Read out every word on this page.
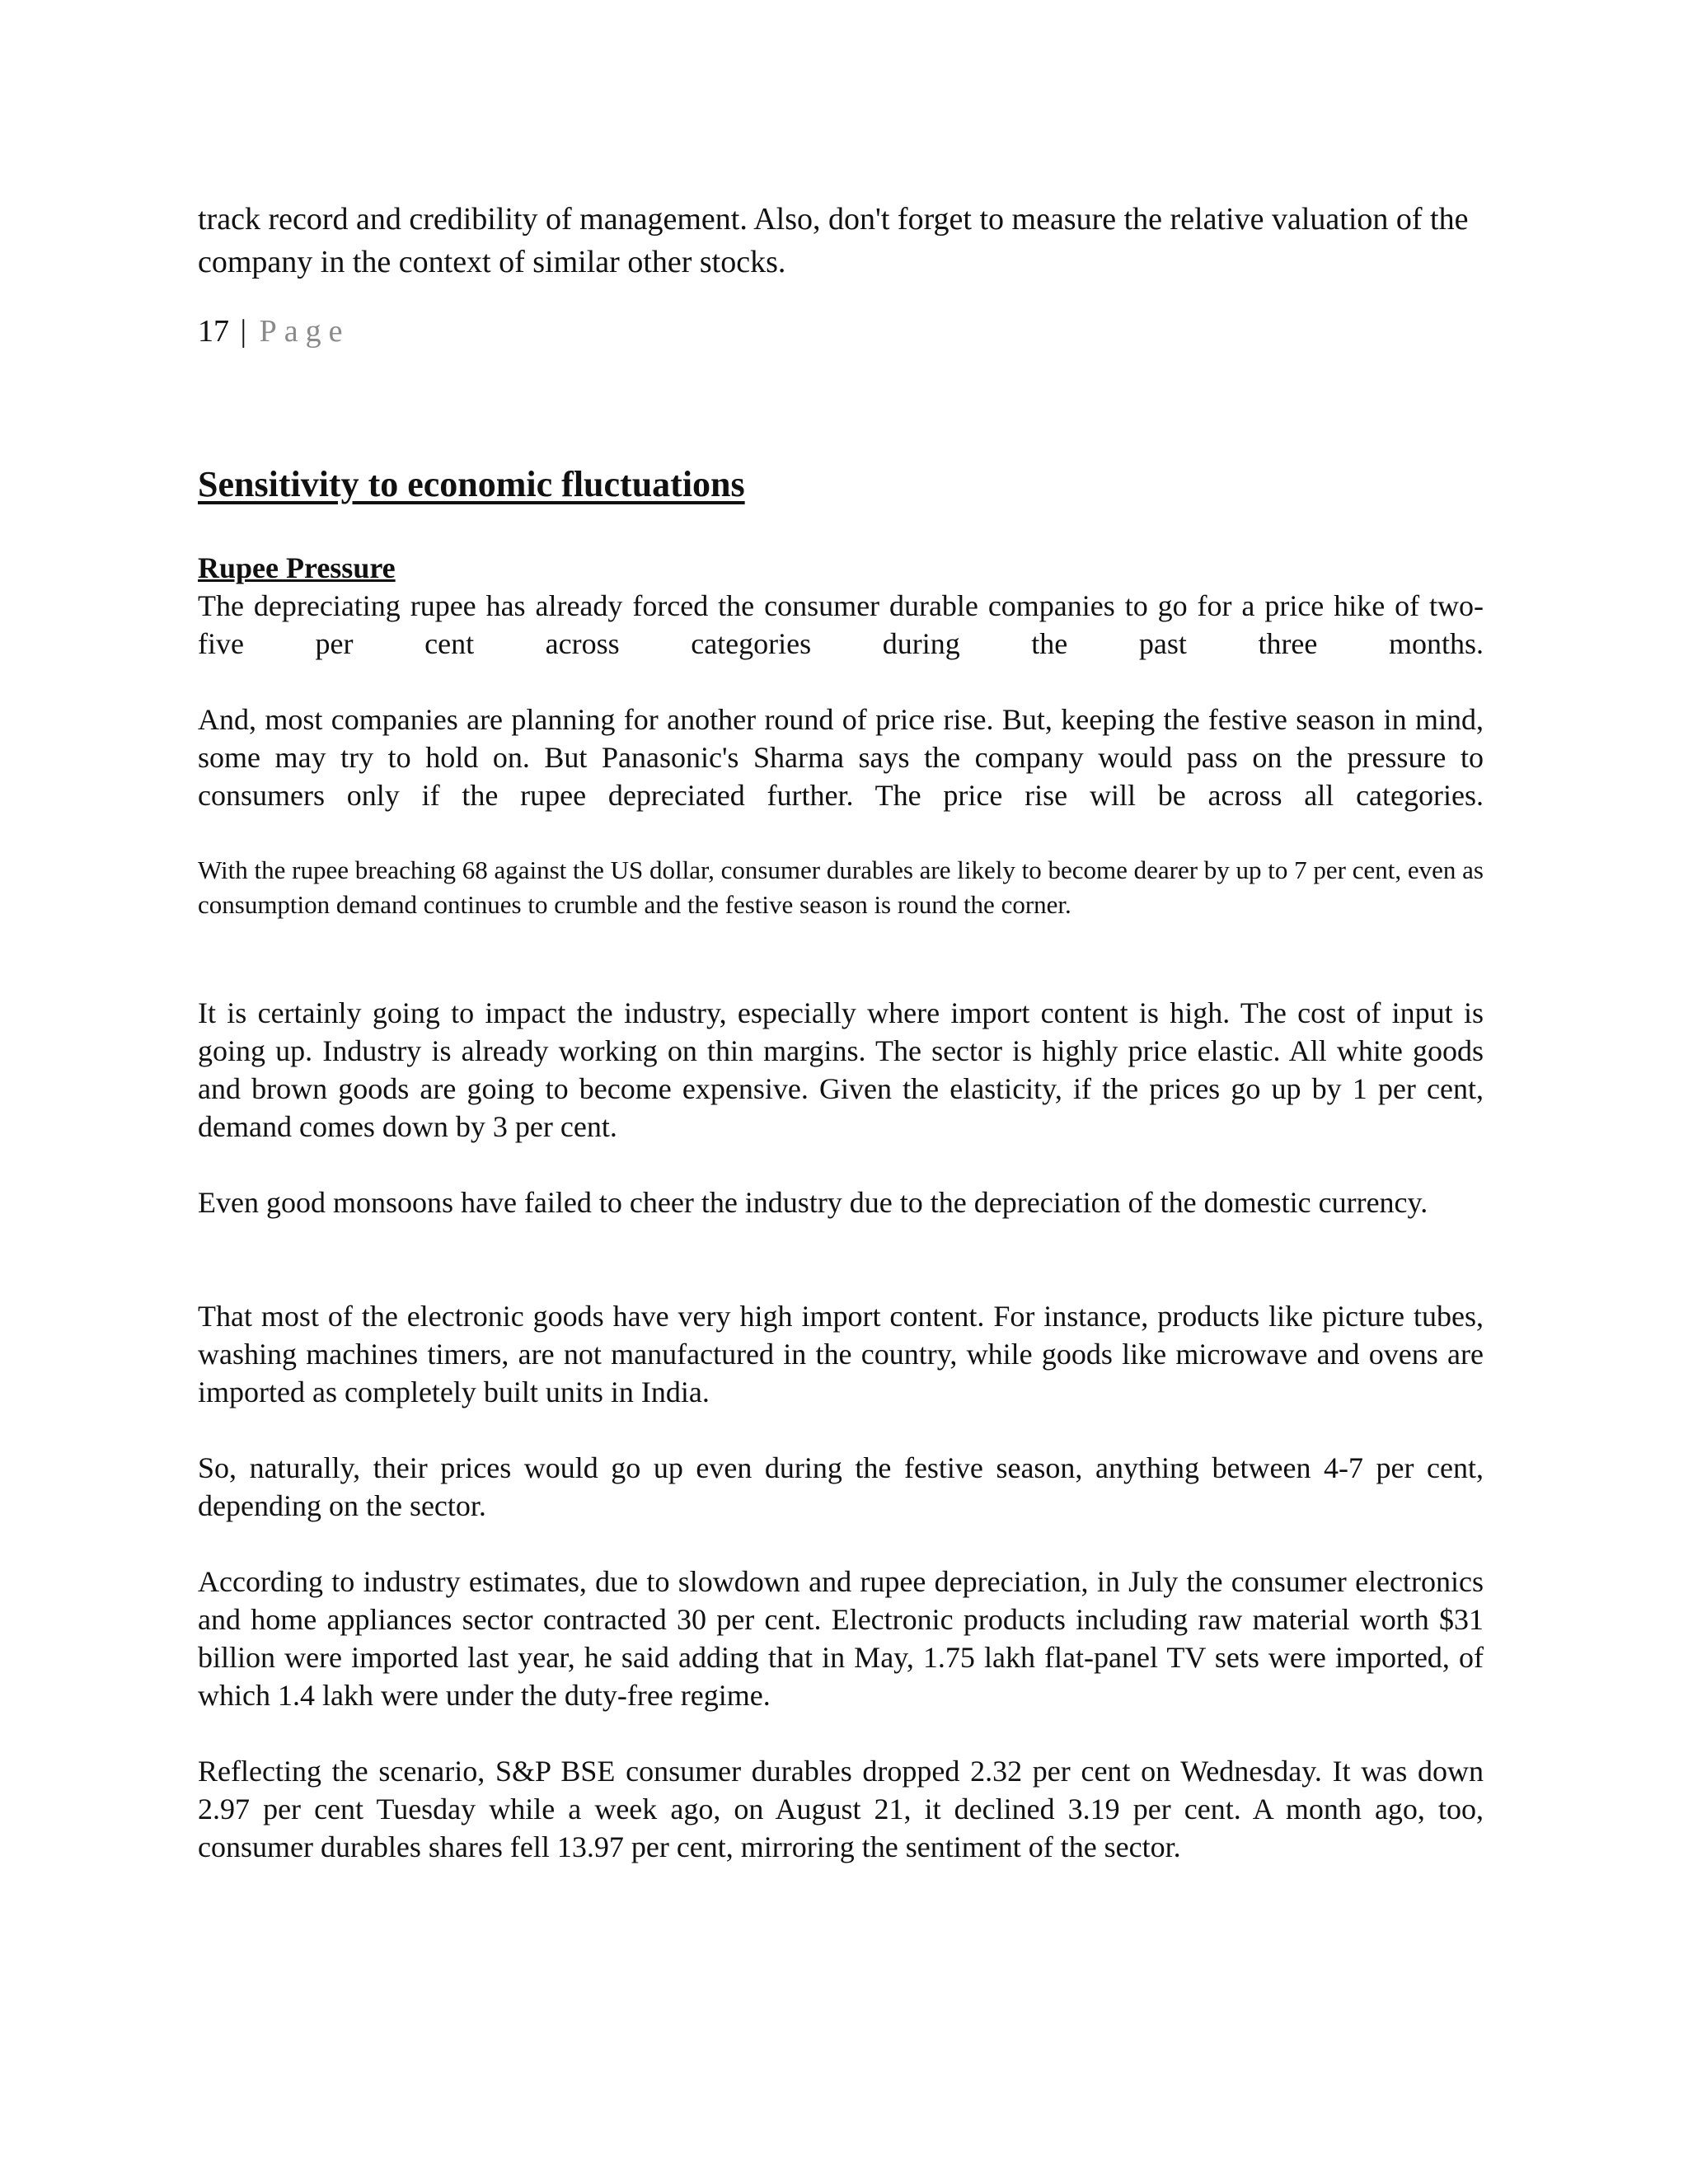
track record and credibility of management. Also, don't forget to measure the relative valuation of the company in the context of similar other stocks.

17 | Page
Sensitivity to economic fluctuations
Rupee Pressure

The depreciating rupee has already forced the consumer durable companies to go for a price hike of two-five per cent across categories during the past three months.

And, most companies are planning for another round of price rise. But, keeping the festive season in mind, some may try to hold on. But Panasonic's Sharma says the company would pass on the pressure to consumers only if the rupee depreciated further. The price rise will be across all categories.

With the rupee breaching 68 against the US dollar, consumer durables are likely to become dearer by up to 7 per cent, even as consumption demand continues to crumble and the festive season is round the corner.

It is certainly going to impact the industry, especially where import content is high. The cost of input is going up. Industry is already working on thin margins. The sector is highly price elastic. All white goods and brown goods are going to become expensive. Given the elasticity, if the prices go up by 1 per cent, demand comes down by 3 per cent.

Even good monsoons have failed to cheer the industry due to the depreciation of the domestic currency.

That most of the electronic goods have very high import content. For instance, products like picture tubes, washing machines timers, are not manufactured in the country, while goods like microwave and ovens are imported as completely built units in India.

So, naturally, their prices would go up even during the festive season, anything between 4-7 per cent, depending on the sector.

According to industry estimates, due to slowdown and rupee depreciation, in July the consumer electronics and home appliances sector contracted 30 per cent. Electronic products including raw material worth $31 billion were imported last year, he said adding that in May, 1.75 lakh flat-panel TV sets were imported, of which 1.4 lakh were under the duty-free regime.

Reflecting the scenario, S&P BSE consumer durables dropped 2.32 per cent on Wednesday. It was down 2.97 per cent Tuesday while a week ago, on August 21, it declined 3.19 per cent. A month ago, too, consumer durables shares fell 13.97 per cent, mirroring the sentiment of the sector.
